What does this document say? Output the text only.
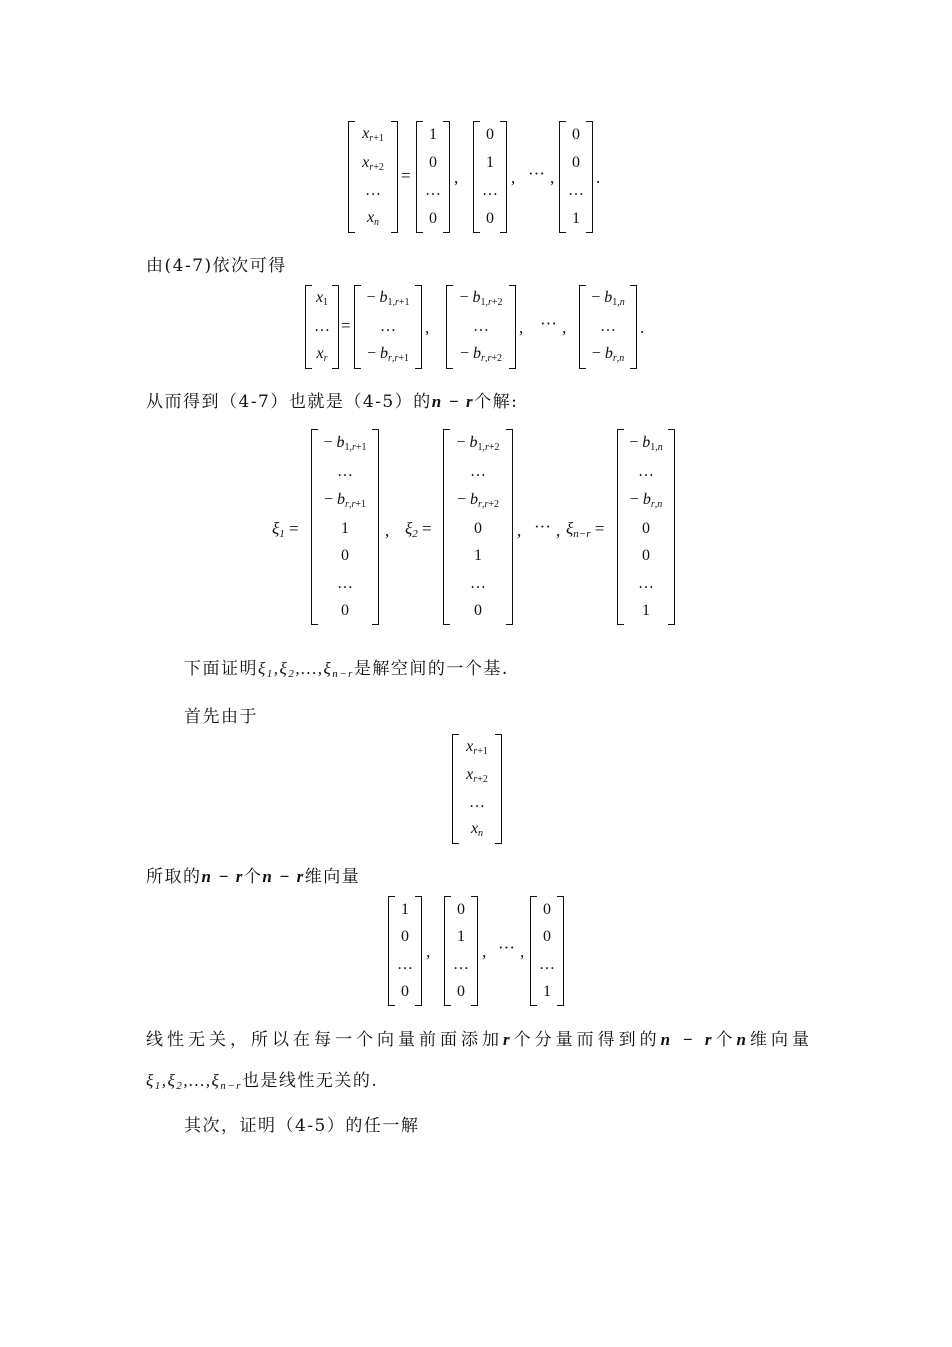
$x_{r+1}$
$x_{r+2}$
…
$x_n$
=
1
0
…
0
,
0
1
…
0
, ··· ,
0
0
…
1
.
由(4-7)依次可得
$x_1$
…
$x_r$
=
− $b_{1,r+1}$
…
− $b_{r,r+1}$
,
− $b_{1,r+2}$
…
− $b_{r,r+2}$
, ··· ,
− $b_{1,n}$
…
− $b_{r,n}$
.
从而得到（4-7）也就是（4-5）的n − r个解:
$\xi_1$ =
− $b_{1,r+1}$
…
− $b_{r,r+1}$
1
0
…
0
, $\xi_2$ =
− $b_{1,r+2}$
…
− $b_{r,r+2}$
0
1
…
0
, ··· , $\xi_{n-r}$ =
− $b_{1,n}$
…
− $b_{r,n}$
0
0
…
1
下面证明$\xi_1,\xi_2,\dots,\xi_{n-r}$是解空间的一个基.
首先由于
$x_{r+1}$
$x_{r+2}$
…
$x_n$
所取的n − r个n − r维向量
1
0
…
0
,
0
1
…
0
, ··· ,
0
0
…
1
线性无关，所以在每一个向量前面添加r个分量而得到的n − r个n维向量
$\xi_1,\xi_2,\dots,\xi_{n-r}$也是线性无关的.
其次，证明（4-5）的任一解
